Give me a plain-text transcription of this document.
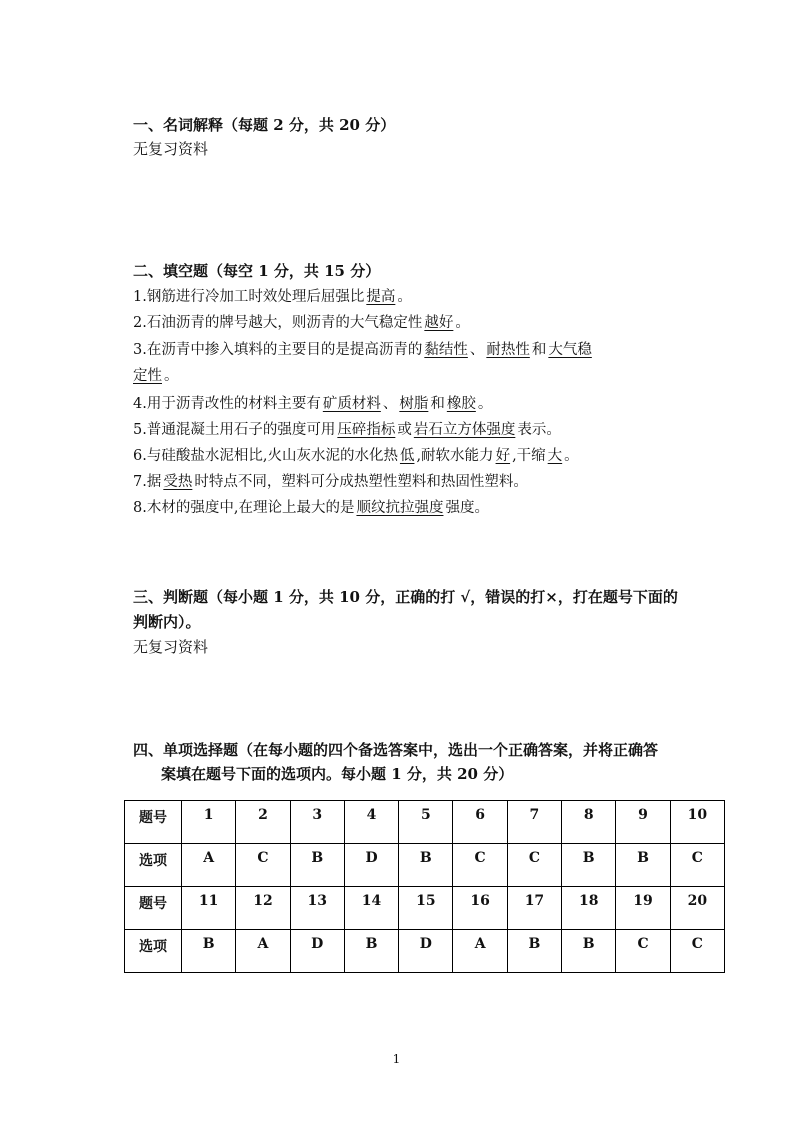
一、名词解释（每题 2 分，共 20 分）
无复习资料
二、填空题（每空 1 分，共 15 分）
1.钢筋进行冷加工时效处理后屈强比 提高 。
2.石油沥青的牌号越大，则沥青的大气稳定性 越好 。
3.在沥青中掺入填料的主要目的是提高沥青的 黏结性 、 耐热性 和 大气稳
定性 。
4.用于沥青改性的材料主要有 矿质材料 、 树脂 和 橡胶 。
5.普通混凝土用石子的强度可用 压碎指标 或 岩石立方体强度 表示。
6.与硅酸盐水泥相比,火山灰水泥的水化热 低 ,耐软水能力 好 ,干缩 大 。
7.据 受热 时特点不同，塑料可分成热塑性塑料和热固性塑料。
8.木材的强度中,在理论上最大的是 顺纹抗拉强度 强度。
三、判断题（每小题 1 分，共 10 分，正确的打 √，错误的打×，打在题号下面的
判断内）。
无复习资料
四、单项选择题（在每小题的四个备选答案中，选出一个正确答案，并将正确答
案填在题号下面的选项内。每小题 1 分，共 20 分）
题号	1	2	3	4	5	6	7	8	9	10
选项	A	C	B	D	B	C	C	B	B	C
题号	11	12	13	14	15	16	17	18	19	20
选项	B	A	D	B	D	A	B	B	C	C
1
